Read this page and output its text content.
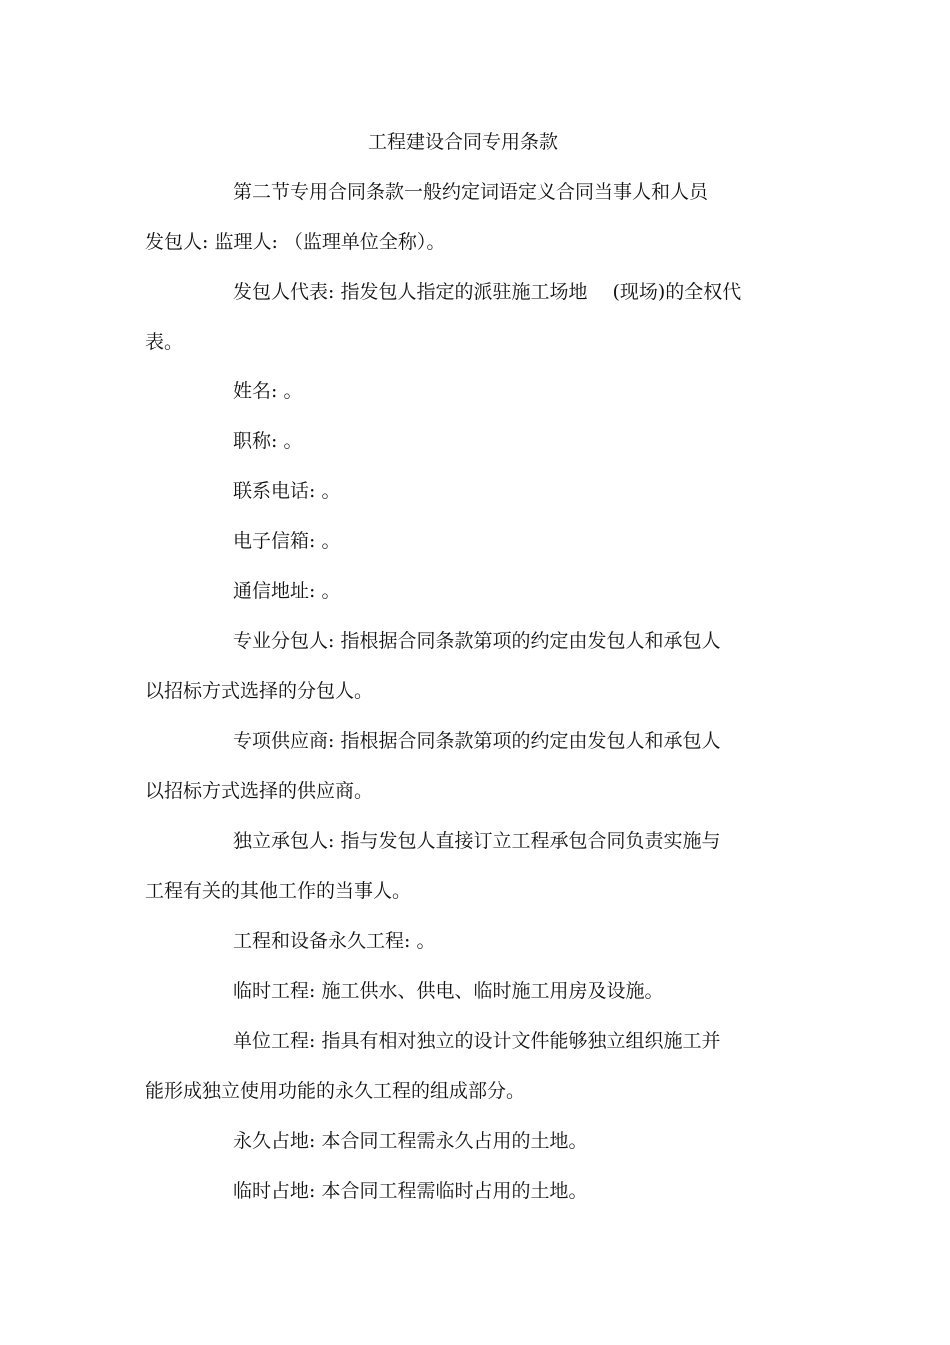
工程建设合同专用条款
第二节专用合同条款一般约定词语定义合同当事人和人员
发包人: 监理人: （监理单位全称）。
发包人代表: 指发包人指定的派驻施工场地　 (现场)的全权代
表。
姓名: 。
职称: 。
联系电话: 。
电子信箱: 。
通信地址: 。
专业分包人: 指根据合同条款第项的约定由发包人和承包人
以招标方式选择的分包人。
专项供应商: 指根据合同条款第项的约定由发包人和承包人
以招标方式选择的供应商。
独立承包人: 指与发包人直接订立工程承包合同负责实施与
工程有关的其他工作的当事人。
工程和设备永久工程: 。
临时工程: 施工供水、供电、临时施工用房及设施。
单位工程: 指具有相对独立的设计文件能够独立组织施工并
能形成独立使用功能的永久工程的组成部分。
永久占地: 本合同工程需永久占用的土地。
临时占地: 本合同工程需临时占用的土地。
